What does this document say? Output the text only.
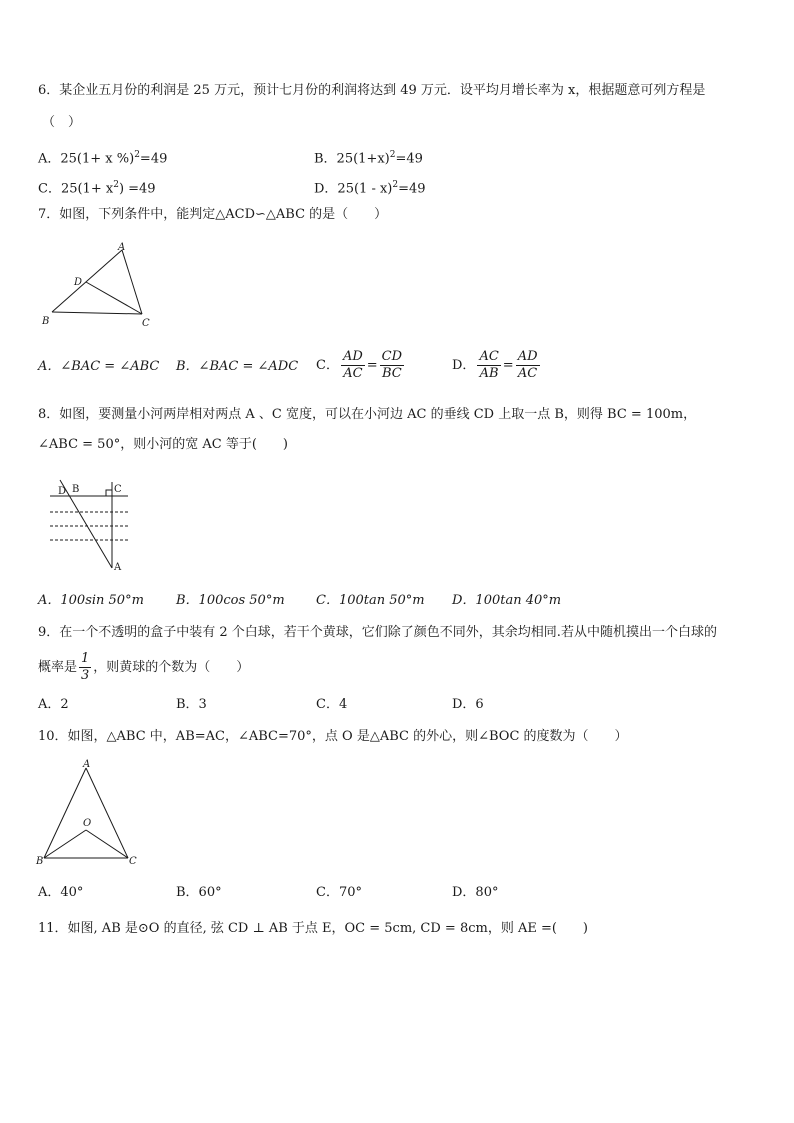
6．某企业五月份的利润是 25 万元，预计七月份的利润将达到 49 万元．设平均月增长率为 x，根据题意可列方程是
（　）
A．25(1+ x %)$^2$=49	B．$25(1+x)^2=49$
C．$25(1+ x^2) =49$	D．25(1 - x)$^2$=49
7．如图，下列条件中，能判定△ACD∽△ABC 的是（　　）
A
D
B	C
A．∠BAC = ∠ABC B．∠BAC = ∠ADC C． $\frac{AD}{AC} = \frac{CD}{BC}$	D． $\frac{AC}{AB} = \frac{AD}{AC}$
8．如图，要测量小河两岸相对两点 A 、C 宽度，可以在小河边 AC 的垂线 CD 上取一点 B，则得 BC = 100m，
∠ABC = 50°，则小河的宽 AC 等于(　　)
D B	C
A
A．100sin 50°m B．100cos 50°m C．100tan 50°m D．100tan 40°m
9．在一个不透明的盒子中装有 2 个白球，若干个黄球，它们除了颜色不同外，其余均相同.若从中随机摸出一个白球的
概率是 $\frac{1}{3}$ ，则黄球的个数为（　　）
A．2	B．3	C．4	D．6
10．如图，△ABC 中，AB=AC，∠ABC=70°，点 O 是△ABC 的外心，则∠BOC 的度数为（　　）
A
O
B	C
A．40°	B．60°	C．70°	D．80°
11．如图, AB 是⊙O 的直径, 弦 CD ⊥ AB 于点 E，OC = 5cm, CD = 8cm，则 AE =(　　)
